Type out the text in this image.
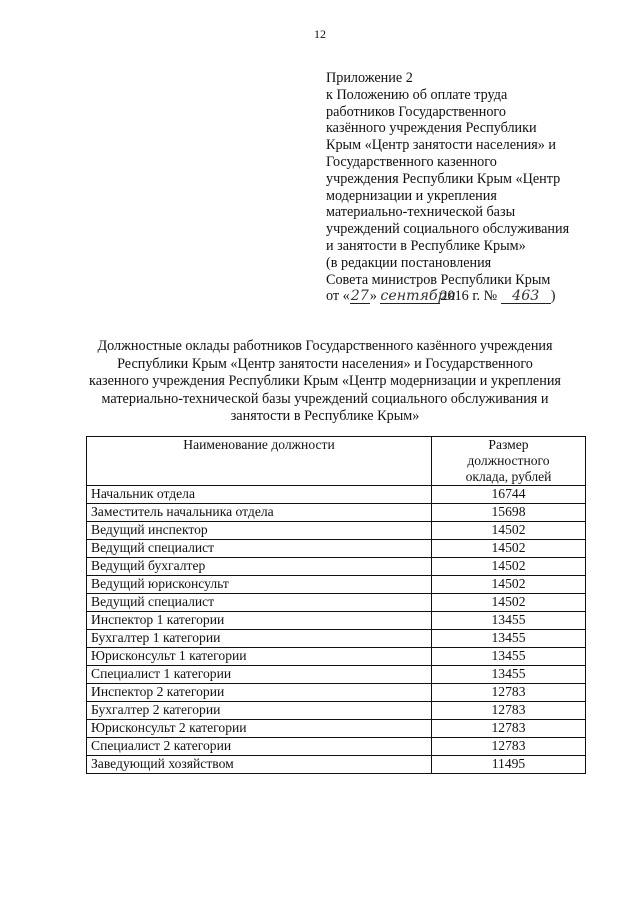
12
Приложение 2
к Положению об оплате труда
работников Государственного
казённого учреждения Республики
Крым «Центр занятости населения» и
Государственного казенного
учреждения Республики Крым «Центр
модернизации и укрепления
материально-технической базы
учреждений социального обслуживания
и занятости в Республике Крым»
(в редакции постановления
Совета министров Республики Крым
от «27» сентября2016 г. № 463 )
Должностные оклады работников Государственного казённого учреждения
Республики Крым «Центр занятости населения» и Государственного
казенного учреждения Республики Крым «Центр модернизации и укрепления
материально-технической базы учреждений социального обслуживания и
занятости в Республике Крым»
Наименование должности	Размер
должностного
оклада, рублей
Начальник отдела	16744
Заместитель начальника отдела	15698
Ведущий инспектор	14502
Ведущий специалист	14502
Ведущий бухгалтер	14502
Ведущий юрисконсульт	14502
Ведущий специалист	14502
Инспектор 1 категории	13455
Бухгалтер 1 категории	13455
Юрисконсульт 1 категории	13455
Специалист 1 категории	13455
Инспектор 2 категории	12783
Бухгалтер 2 категории	12783
Юрисконсульт 2 категории	12783
Специалист 2 категории	12783
Заведующий хозяйством	11495
